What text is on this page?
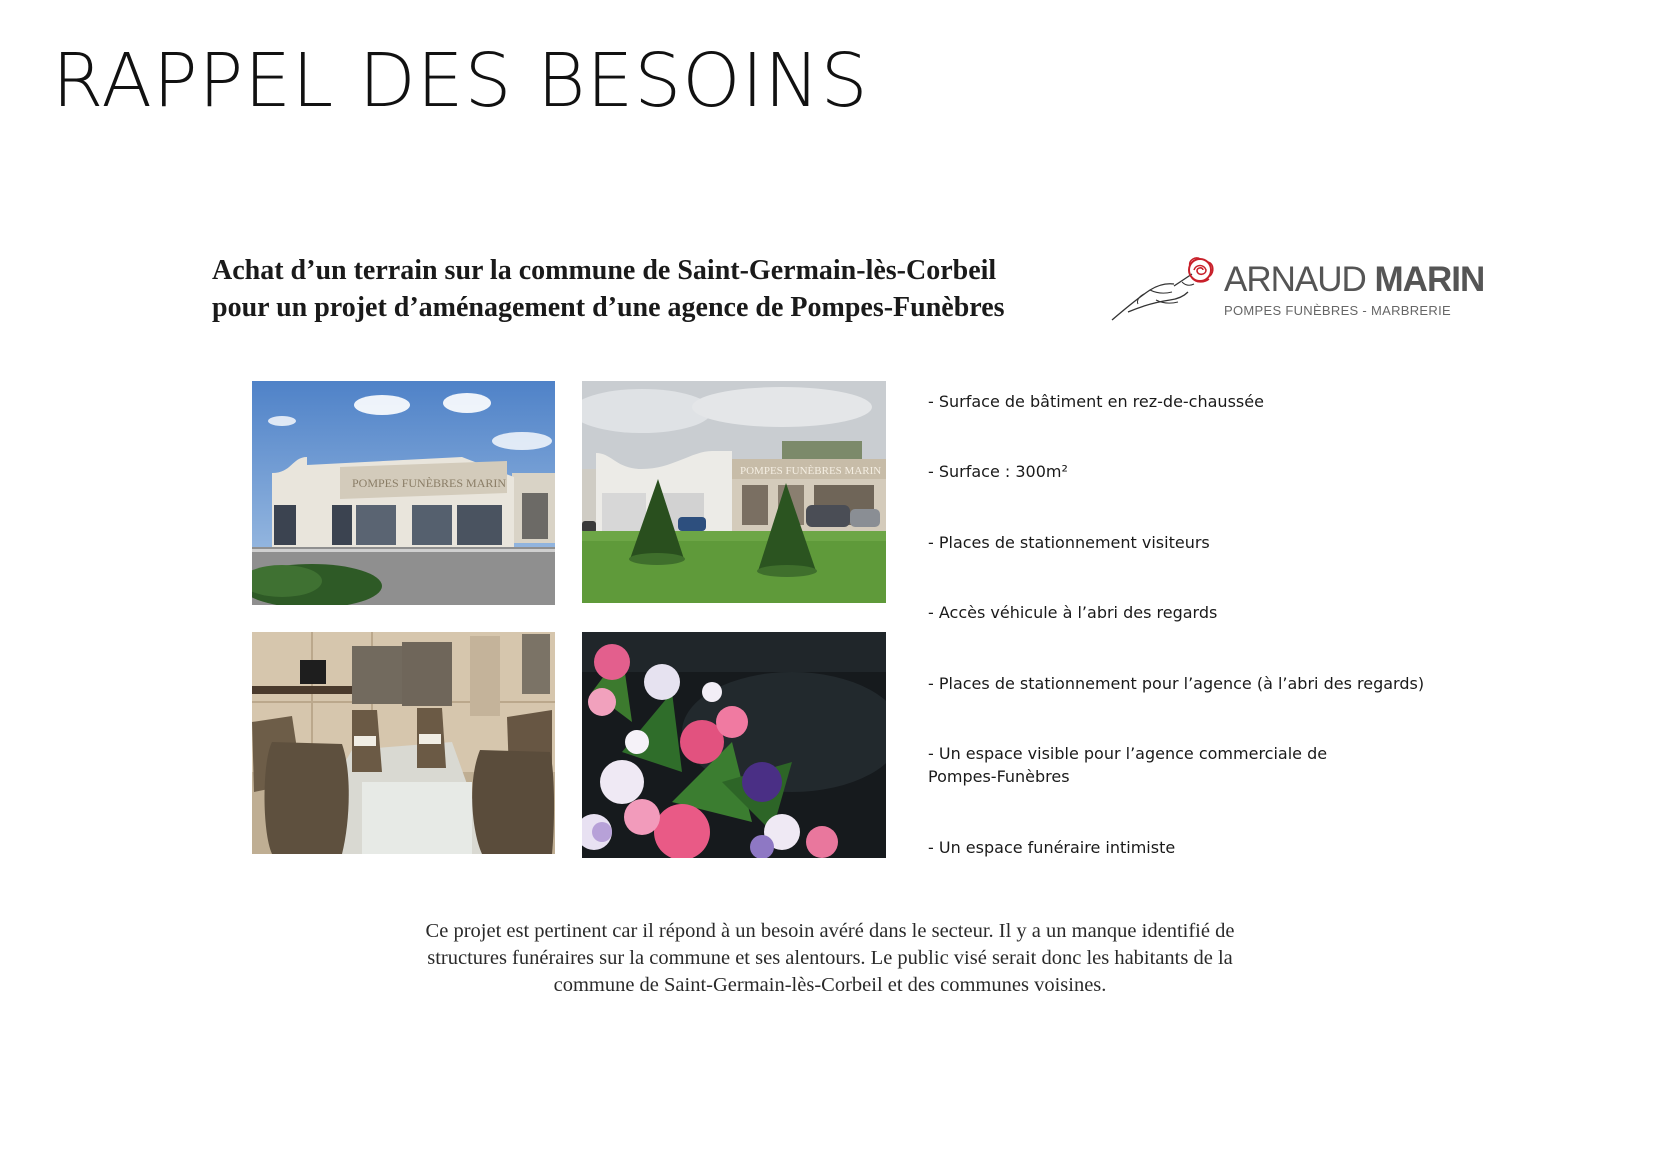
RAPPEL DES BESOINS
Achat d’un terrain sur la commune de Saint-Germain-lès-Corbeil
pour un projet d’aménagement d’une agence de Pompes-Funèbres
ARNAUD MARIN
POMPES FUNÈBRES - MARBRERIE
POMPES FUNÈBRES MARIN
POMPES FUNÈBRES MARIN
- Surface de bâtiment en rez-de-chaussée
- Surface : 300m²
- Places de stationnement visiteurs
- Accès véhicule à l’abri des regards
- Places de stationnement pour l’agence (à l’abri des regards)
- Un espace visible pour l’agence commerciale de Pompes-Funèbres
- Un espace funéraire intimiste

Ce projet est pertinent car il répond à un besoin avéré dans le secteur. Il y a un manque identifié de
structures funéraires sur la commune et ses alentours. Le public visé serait donc les habitants de la
commune de Saint-Germain-lès-Corbeil et des communes voisines.
